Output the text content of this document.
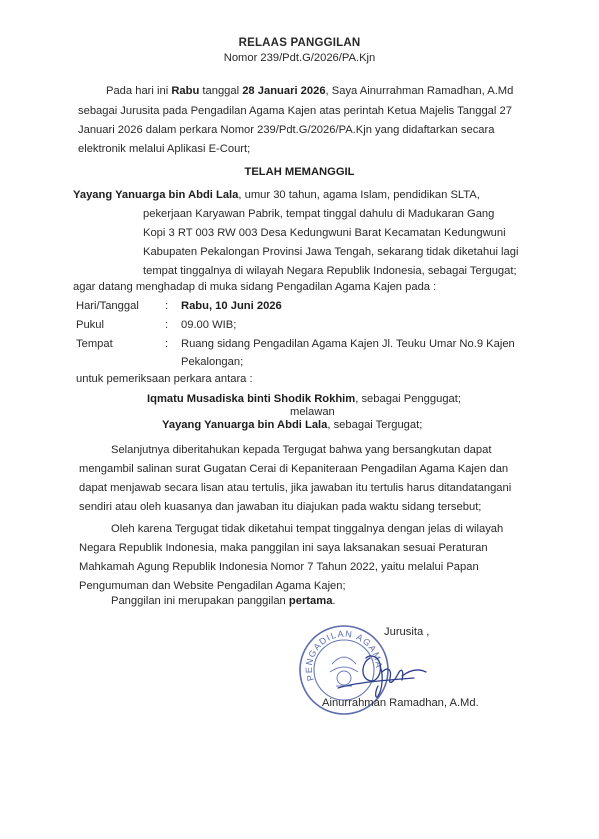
RELAAS PANGGILAN
Nomor 239/Pdt.G/2026/PA.Kjn
Pada hari ini Rabu tanggal 28 Januari 2026, Saya Ainurrahman Ramadhan, A.Md
sebagai Jurusita pada Pengadilan Agama Kajen atas perintah Ketua Majelis Tanggal 27
Januari 2026 dalam perkara Nomor 239/Pdt.G/2026/PA.Kjn yang didaftarkan secara
elektronik melalui Aplikasi E-Court;
TELAH MEMANGGIL
Yayang Yanuarga bin Abdi Lala, umur 30 tahun, agama Islam, pendidikan SLTA,
pekerjaan Karyawan Pabrik, tempat tinggal dahulu di Madukaran Gang
Kopi 3 RT 003 RW 003 Desa Kedungwuni Barat Kecamatan Kedungwuni
Kabupaten Pekalongan Provinsi Jawa Tengah, sekarang tidak diketahui lagi
tempat tinggalnya di wilayah Negara Republik Indonesia, sebagai Tergugat;
agar datang menghadap di muka sidang Pengadilan Agama Kajen pada :
Hari/Tanggal : Rabu, 10 Juni 2026
Pukul	: 09.00 WIB;
Tempat	: Ruang sidang Pengadilan Agama Kajen Jl. Teuku Umar No.9 Kajen
Pekalongan;
untuk pemeriksaan perkara antara :
Iqmatu Musadiska binti Shodik Rokhim, sebagai Penggugat;
melawan
Yayang Yanuarga bin Abdi Lala, sebagai Tergugat;
Selanjutnya diberitahukan kepada Tergugat bahwa yang bersangkutan dapat
mengambil salinan surat Gugatan Cerai di Kepaniteraan Pengadilan Agama Kajen dan
dapat menjawab secara lisan atau tertulis, jika jawaban itu tertulis harus ditandatangani
sendiri atau oleh kuasanya dan jawaban itu diajukan pada waktu sidang tersebut;
Oleh karena Tergugat tidak diketahui tempat tinggalnya dengan jelas di wilayah
Negara Republik Indonesia, maka panggilan ini saya laksanakan sesuai Peraturan
Mahkamah Agung Republik Indonesia Nomor 7 Tahun 2022, yaitu melalui Papan
Pengumuman dan Website Pengadilan Agama Kajen;
Panggilan ini merupakan panggilan pertama.
Jurusita ,
PENGADILAN AGAMA
Ainurrahman Ramadhan, A.Md.
